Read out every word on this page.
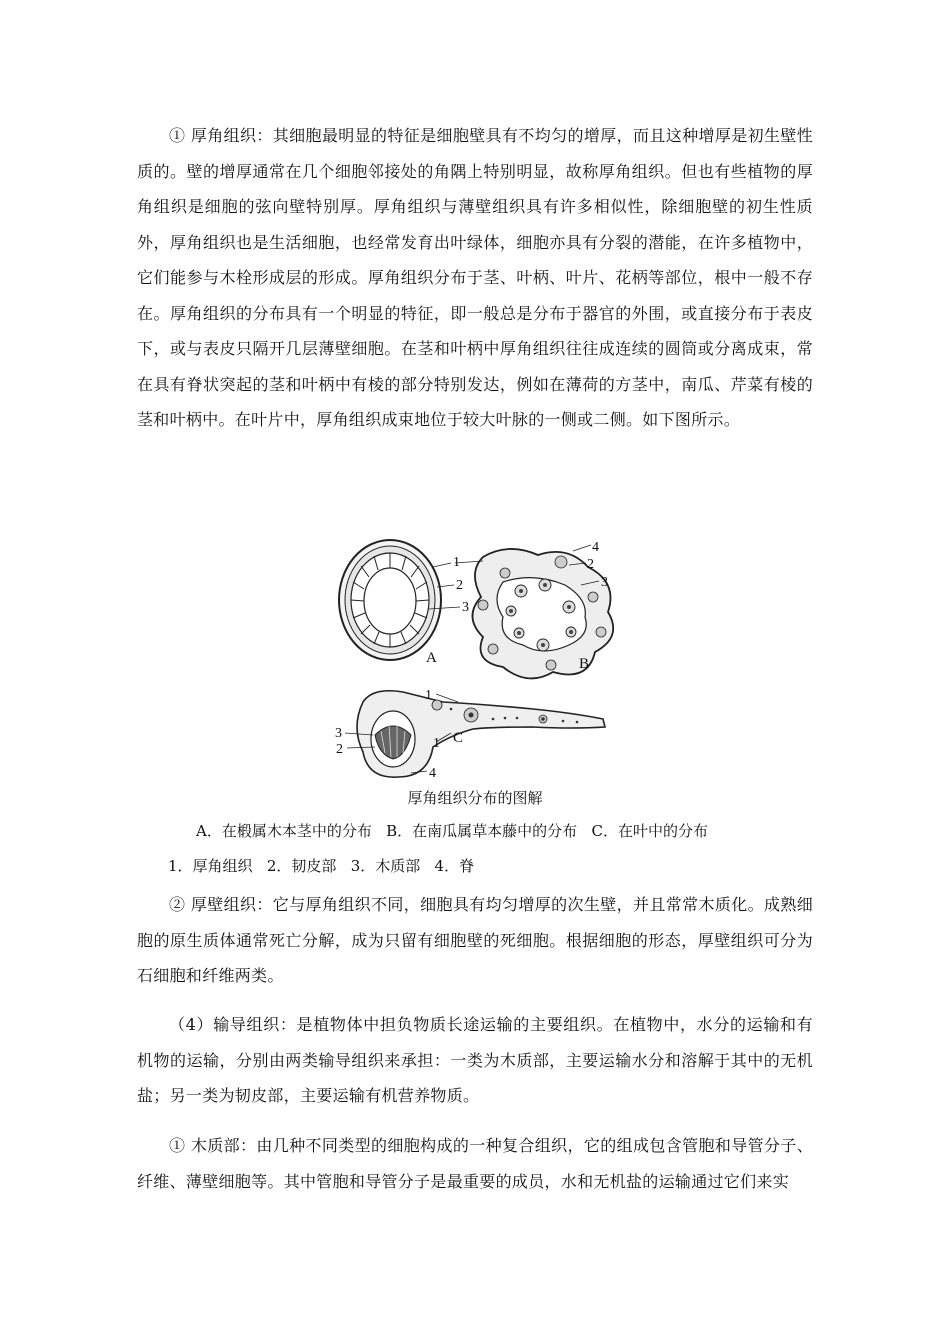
① 厚角组织：其细胞最明显的特征是细胞壁具有不均匀的增厚，而且这种增厚是初生壁性质的。壁的增厚通常在几个细胞邻接处的角隅上特别明显，故称厚角组织。但也有些植物的厚角组织是细胞的弦向壁特别厚。厚角组织与薄壁组织具有许多相似性，除细胞壁的初生性质外，厚角组织也是生活细胞，也经常发育出叶绿体，细胞亦具有分裂的潜能，在许多植物中，它们能参与木栓形成层的形成。厚角组织分布于茎、叶柄、叶片、花柄等部位，根中一般不存在。厚角组织的分布具有一个明显的特征，即一般总是分布于器官的外围，或直接分布于表皮下，或与表皮只隔开几层薄壁细胞。在茎和叶柄中厚角组织往往成连续的圆筒或分离成束，常在具有脊状突起的茎和叶柄中有棱的部分特别发达，例如在薄荷的方茎中，南瓜、芹菜有棱的茎和叶柄中。在叶片中，厚角组织成束地位于较大叶脉的一侧或二侧。如下图所示。

1
2
3
A
4
2
3
B
1
3
2	1
4
C
厚角组织分布的图解
A．在椴属木本茎中的分布   B．在南瓜属草本藤中的分布   C．在叶中的分布
1．厚角组织   2．韧皮部   3．木质部   4．脊

② 厚壁组织：它与厚角组织不同，细胞具有均匀增厚的次生壁，并且常常木质化。成熟细胞的原生质体通常死亡分解，成为只留有细胞壁的死细胞。根据细胞的形态，厚壁组织可分为石细胞和纤维两类。

（4）输导组织：是植物体中担负物质长途运输的主要组织。在植物中，水分的运输和有机物的运输，分别由两类输导组织来承担：一类为木质部，主要运输水分和溶解于其中的无机盐；另一类为韧皮部，主要运输有机营养物质。

① 木质部：由几种不同类型的细胞构成的一种复合组织，它的组成包含管胞和导管分子、纤维、薄壁细胞等。其中管胞和导管分子是最重要的成员，水和无机盐的运输通过它们来实
